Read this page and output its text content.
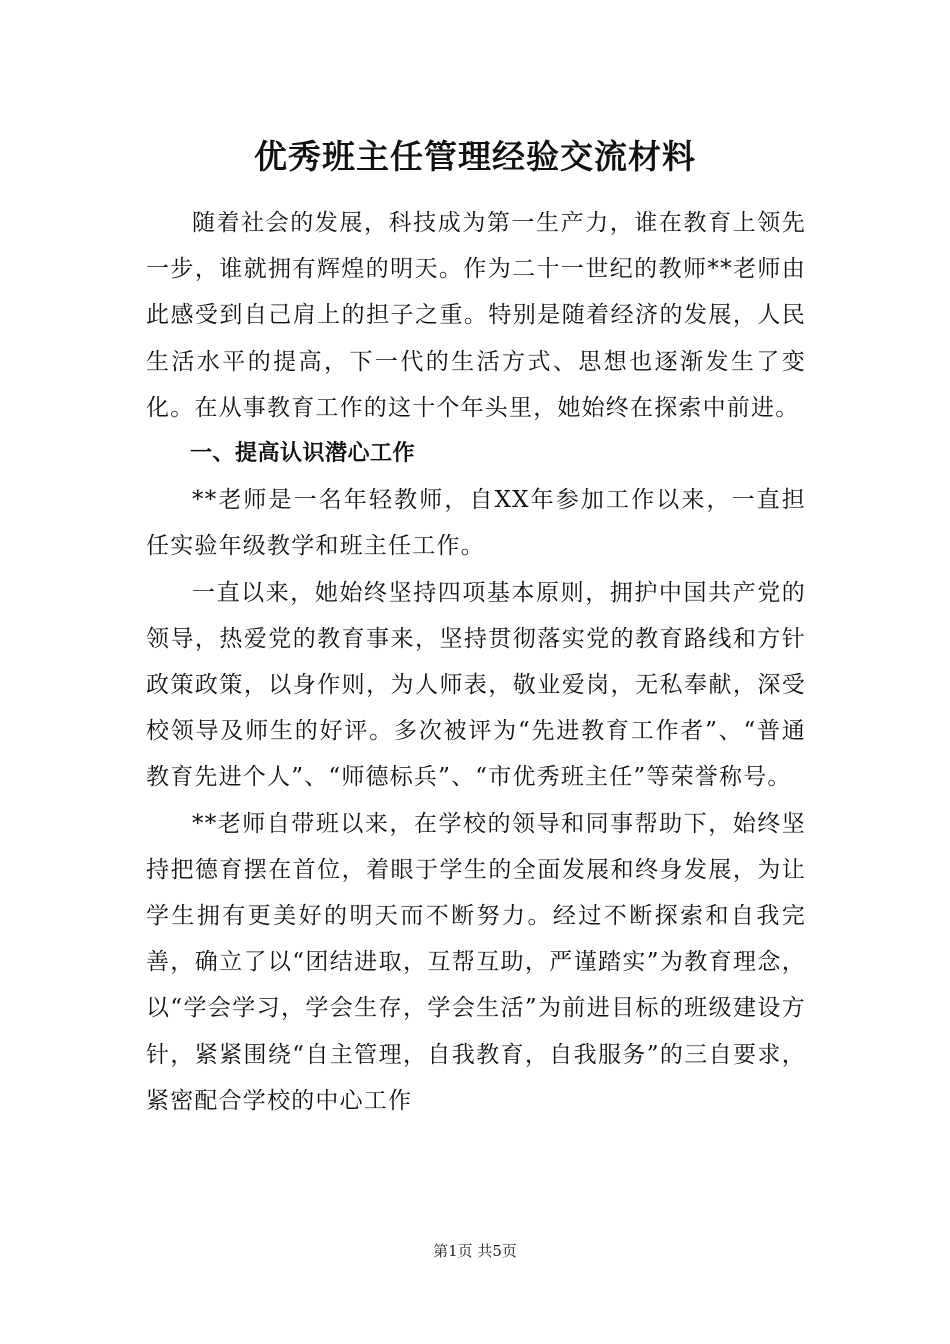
优秀班主任管理经验交流材料

随着社会的发展，科技成为第一生产力，谁在教育上领先一步，谁就拥有辉煌的明天。作为二十一世纪的教师**老师由此感受到自己肩上的担子之重。特别是随着经济的发展，人民生活水平的提高，下一代的生活方式、思想也逐渐发生了变化。在从事教育工作的这十个年头里，她始终在探索中前进。

一、提高认识潜心工作

**老师是一名年轻教师，自XX年参加工作以来，一直担任实验年级教学和班主任工作。

一直以来，她始终坚持四项基本原则，拥护中国共产党的领导，热爱党的教育事来，坚持贯彻落实党的教育路线和方针政策政策，以身作则，为人师表，敬业爱岗，无私奉献，深受校领导及师生的好评。多次被评为“先进教育工作者”、“普通教育先进个人”、“师德标兵”、“市优秀班主任”等荣誉称号。

**老师自带班以来，在学校的领导和同事帮助下，始终坚持把德育摆在首位，着眼于学生的全面发展和终身发展，为让学生拥有更美好的明天而不断努力。经过不断探索和自我完善，确立了以“团结进取，互帮互助，严谨踏实”为教育理念，以“学会学习，学会生存，学会生活”为前进目标的班级建设方针，紧紧围绕“自主管理，自我教育，自我服务”的三自要求，紧密配合学校的中心工作

第1页 共5页
